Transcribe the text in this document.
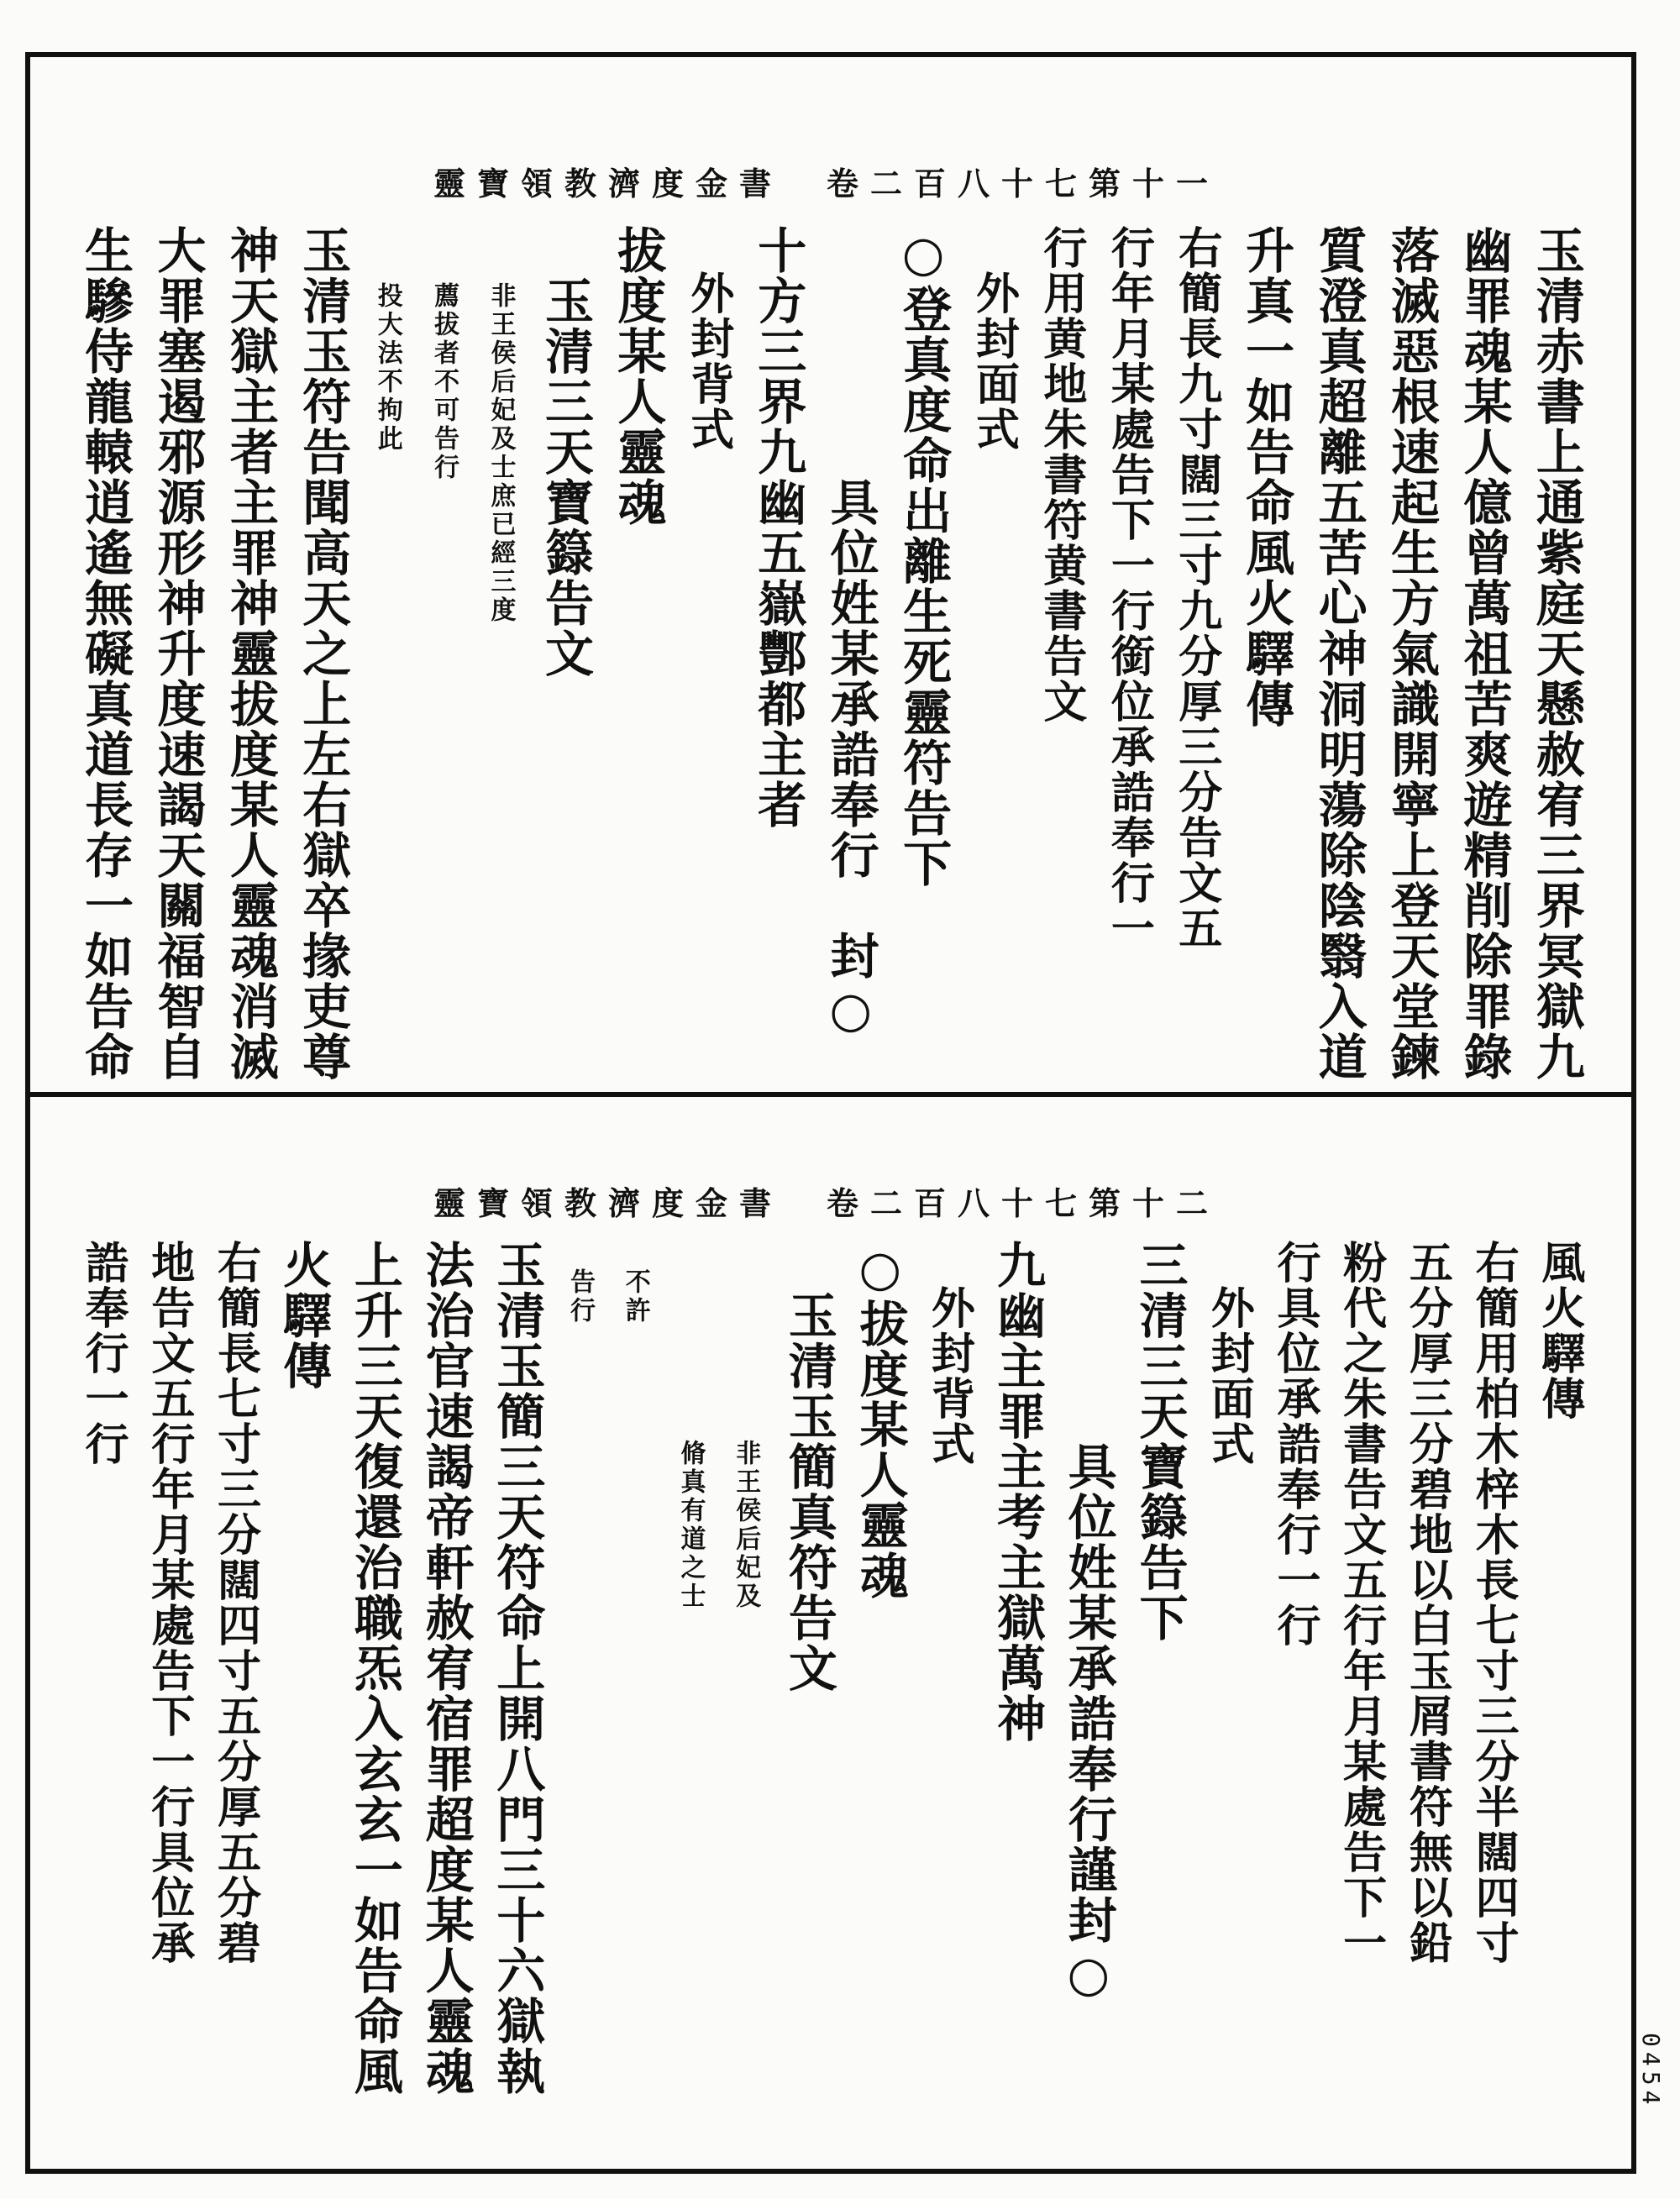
靈寶領教濟度金書　卷二百八十七第十一
玉清赤書上通紫庭天懸赦宥三界冥獄九
幽罪魂某人億曾萬祖苦爽遊精削除罪錄
落滅惡根速起生方氣識開寧上登天堂鍊
質澄真超離五苦心神洞明蕩除陰翳入道
升真一如告命風火驛傳
右簡長九寸闊三寸九分厚三分告文五
行年月某處告下一行銜位承誥奉行一
行用黄地朱書符黄書告文
　外封面式
○登真度命出離生死靈符告下
　　　　　具位姓某承誥奉行　封○
十方三界九幽五嶽酆都主者
　外封背式
拔度某人靈魂
　玉清三天寶籙告文
　　非王侯后妃及士庶已經三度
　　薦拔者不可告行
　　投大法不拘此
玉清玉符告聞高天之上左右獄卒掾吏尊
神天獄主者主罪神靈拔度某人靈魂消滅
大罪塞遏邪源形神升度速謁天關福智自
生驂侍龍轅逍遙無礙真道長存一如告命
靈寶領教濟度金書　卷二百八十七第十二
風火驛傳
右簡用柏木梓木長七寸三分半闊四寸
五分厚三分碧地以白玉屑書符無以鉛
粉代之朱書告文五行年月某處告下一
行具位承誥奉行一行
　外封面式
三清三天寶籙告下
　　　　具位姓某承誥奉行謹封○
九幽主罪主考主獄萬神
　外封背式
○拔度某人靈魂
　玉清玉簡真符告文
　　　　　　　非王侯后妃及
　　　　　　　脩真有道之士
　不許
　告行
玉清玉簡三天符命上開八門三十六獄執
法治官速謁帝軒赦宥宿罪超度某人靈魂
上升三天復還治職炁入玄玄一如告命風
火驛傳
右簡長七寸三分闊四寸五分厚五分碧
地告文五行年月某處告下一行具位承
誥奉行一行
0454
